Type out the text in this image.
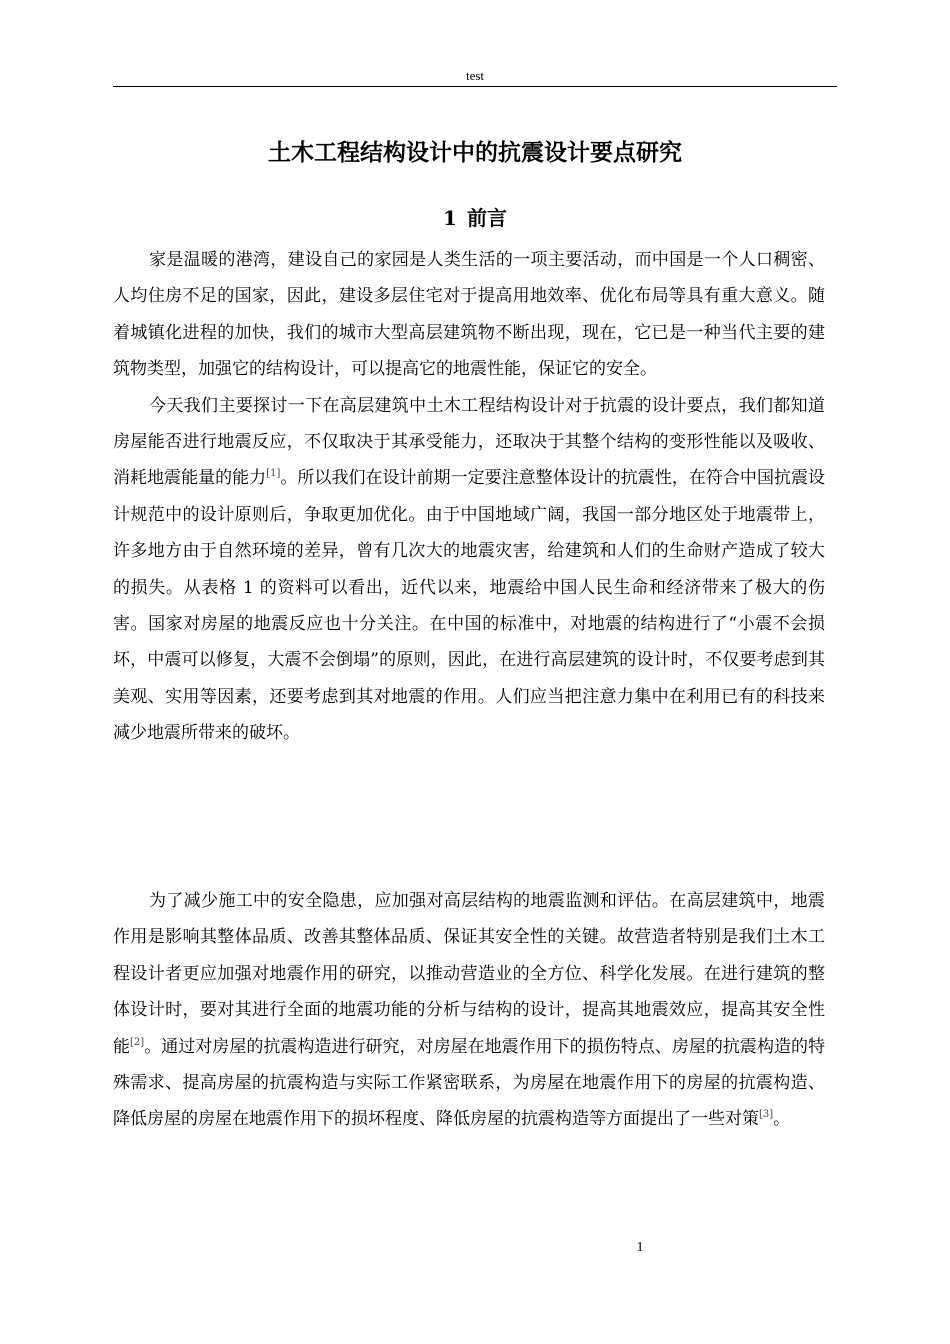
test
土木工程结构设计中的抗震设计要点研究
1 前言

家是温暖的港湾，建设自己的家园是人类生活的一项主要活动，而中国是一个人口稠密、人均住房不足的国家，因此，建设多层住宅对于提高用地效率、优化布局等具有重大意义。随着城镇化进程的加快，我们的城市大型高层建筑物不断出现，现在，它已是一种当代主要的建筑物类型，加强它的结构设计，可以提高它的地震性能，保证它的安全。

今天我们主要探讨一下在高层建筑中土木工程结构设计对于抗震的设计要点，我们都知道房屋能否进行地震反应，不仅取决于其承受能力，还取决于其整个结构的变形性能以及吸收、消耗地震能量的能力[1]。所以我们在设计前期一定要注意整体设计的抗震性，在符合中国抗震设计规范中的设计原则后，争取更加优化。由于中国地域广阔，我国一部分地区处于地震带上，许多地方由于自然环境的差异，曾有几次大的地震灾害，给建筑和人们的生命财产造成了较大的损失。从表格 1 的资料可以看出，近代以来，地震给中国人民生命和经济带来了极大的伤害。国家对房屋的地震反应也十分关注。在中国的标准中，对地震的结构进行了“小震不会损坏，中震可以修复，大震不会倒塌”的原则，因此，在进行高层建筑的设计时，不仅要考虑到其美观、实用等因素，还要考虑到其对地震的作用。人们应当把注意力集中在利用已有的科技来减少地震所带来的破坏。

为了减少施工中的安全隐患，应加强对高层结构的地震监测和评估。在高层建筑中，地震作用是影响其整体品质、改善其整体品质、保证其安全性的关键。故营造者特别是我们土木工程设计者更应加强对地震作用的研究，以推动营造业的全方位、科学化发展。在进行建筑的整体设计时，要对其进行全面的地震功能的分析与结构的设计，提高其地震效应，提高其安全性能[2]。通过对房屋的抗震构造进行研究，对房屋在地震作用下的损伤特点、房屋的抗震构造的特殊需求、提高房屋的抗震构造与实际工作紧密联系，为房屋在地震作用下的房屋的抗震构造、降低房屋的房屋在地震作用下的损坏程度、降低房屋的抗震构造等方面提出了一些对策[3]。

1
